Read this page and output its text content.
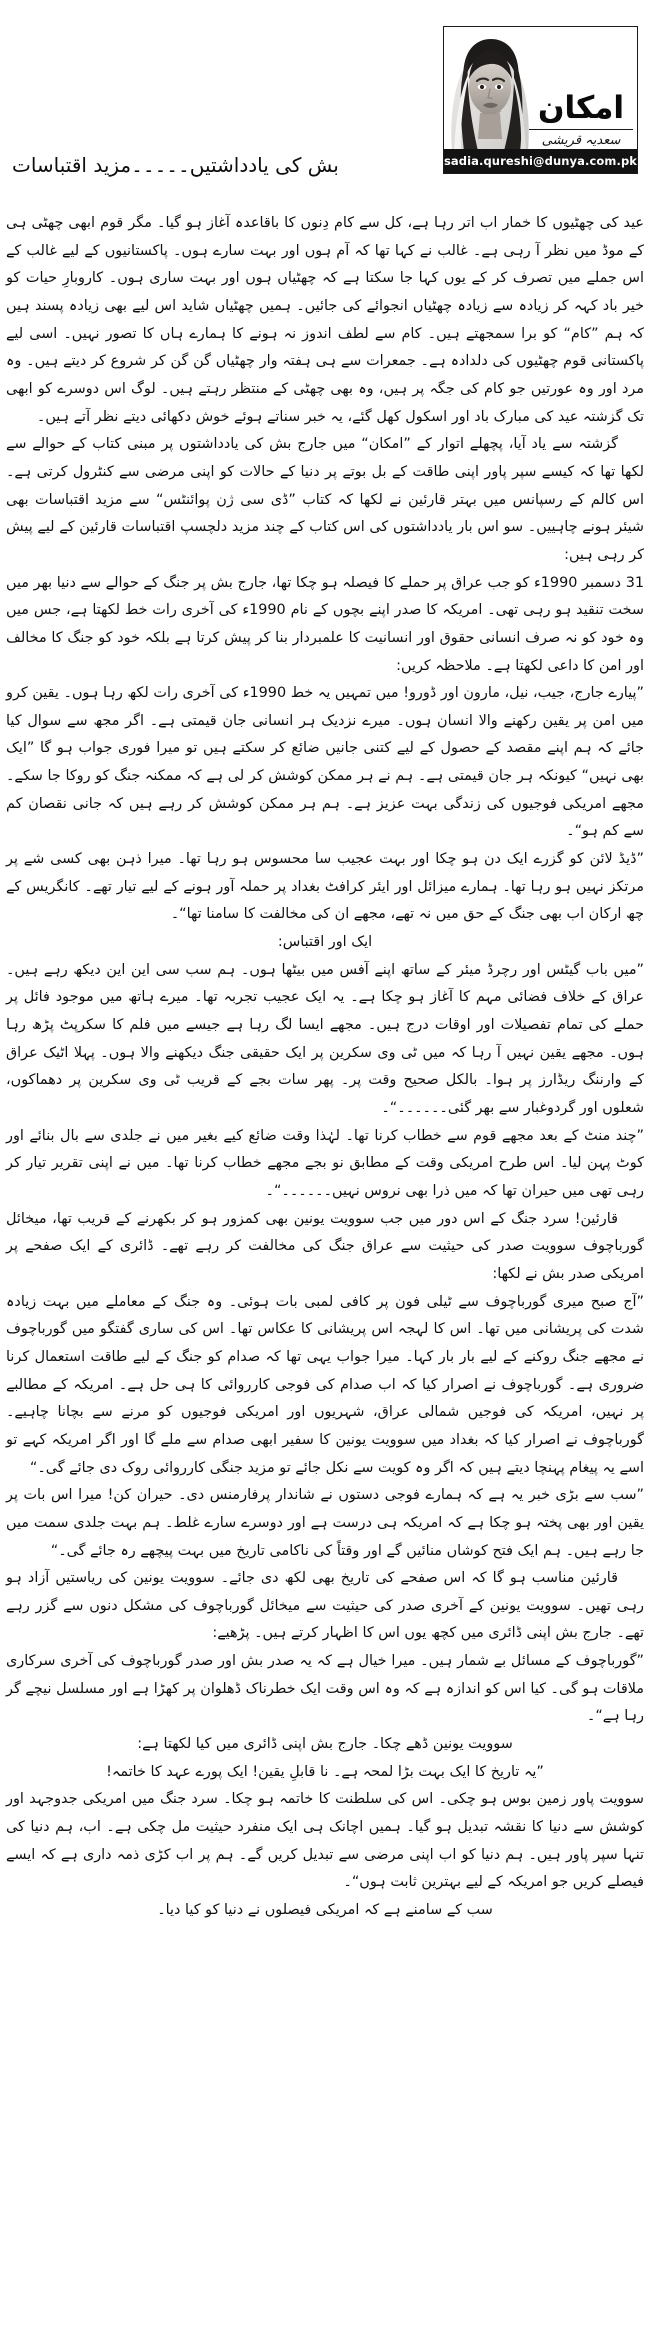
امکان
سعدیہ قریشی
sadia.qureshi@dunya.com.pk
بش کی یادداشتیں۔۔۔۔۔مزید اقتباسات

عید کی چھٹیوں کا خمار اب اتر رہا ہے، کل سے کام دِنوں کا باقاعدہ آغاز ہو گیا۔ مگر قوم ابھی چھٹی ہی کے موڈ میں نظر آ رہی ہے۔ غالب نے کہا تھا کہ آم ہوں اور بہت سارے ہوں۔ پاکستانیوں کے لیے غالب کے اس جملے میں تصرف کر کے یوں کہا جا سکتا ہے کہ چھٹیاں ہوں اور بہت ساری ہوں۔ کاروبارِ حیات کو خیر باد کہہ کر زیادہ سے زیادہ چھٹیاں انجوائے کی جائیں۔ ہمیں چھٹیاں شاید اس لیے بھی زیادہ پسند ہیں کہ ہم ”کام“ کو برا سمجھتے ہیں۔ کام سے لطف اندوز نہ ہونے کا ہمارے ہاں کا تصور نہیں۔ اسی لیے پاکستانی قوم چھٹیوں کی دلدادہ ہے۔ جمعرات سے ہی ہفتہ وار چھٹیاں گن گن کر شروع کر دیتے ہیں۔ وہ مرد اور وہ عورتیں جو کام کی جگہ پر ہیں، وہ بھی چھٹی کے منتظر رہتے ہیں۔ لوگ اس دوسرے کو ابھی تک گزشتہ عید کی مبارک باد اور اسکول کھل گئے، یہ خبر سناتے ہوئے خوش دکھائی دیتے نظر آتے ہیں۔

گزشتہ سے یاد آیا، پچھلے اتوار کے ”امکان“ میں جارج بش کی یادداشتوں پر مبنی کتاب کے حوالے سے لکھا تھا کہ کیسے سپر پاور اپنی طاقت کے بل بوتے پر دنیا کے حالات کو اپنی مرضی سے کنٹرول کرتی ہے۔ اس کالم کے رسپانس میں بہتر قارئین نے لکھا کہ کتاب ”ڈی سی ژن پوائنٹس“ سے مزید اقتباسات بھی شیئر ہونے چاہییں۔ سو اس بار یادداشتوں کی اس کتاب کے چند مزید دلچسپ اقتباسات قارئین کے لیے پیش کر رہی ہیں:

31 دسمبر 1990ء کو جب عراق پر حملے کا فیصلہ ہو چکا تھا، جارج بش پر جنگ کے حوالے سے دنیا بھر میں سخت تنقید ہو رہی تھی۔ امریکہ کا صدر اپنے بچوں کے نام 1990ء کی آخری رات خط لکھتا ہے، جس میں وہ خود کو نہ صرف انسانی حقوق اور انسانیت کا علمبردار بنا کر پیش کرتا ہے بلکہ خود کو جنگ کا مخالف اور امن کا داعی لکھتا ہے۔ ملاحظہ کریں:

”پیارے جارج، جیب، نیل، مارون اور ڈورو! میں تمہیں یہ خط 1990ء کی آخری رات لکھ رہا ہوں۔ یقین کرو میں امن پر یقین رکھنے والا انسان ہوں۔ میرے نزدیک ہر انسانی جان قیمتی ہے۔ اگر مجھ سے سوال کیا جائے کہ ہم اپنے مقصد کے حصول کے لیے کتنی جانیں ضائع کر سکتے ہیں تو میرا فوری جواب ہو گا ”ایک بھی نہیں“ کیونکہ ہر جان قیمتی ہے۔ ہم نے ہر ممکن کوشش کر لی ہے کہ ممکنہ جنگ کو روکا جا سکے۔ مجھے امریکی فوجیوں کی زندگی بہت عزیز ہے۔ ہم ہر ممکن کوشش کر رہے ہیں کہ جانی نقصان کم سے کم ہو“۔

”ڈیڈ لائن کو گزرے ایک دن ہو چکا اور بہت عجیب سا محسوس ہو رہا تھا۔ میرا ذہن بھی کسی شے پر مرتکز نہیں ہو رہا تھا۔ ہمارے میزائل اور ایئر کرافٹ بغداد پر حملہ آور ہونے کے لیے تیار تھے۔ کانگریس کے چھ ارکان اب بھی جنگ کے حق میں نہ تھے، مجھے ان کی مخالفت کا سامنا تھا“۔

ایک اور اقتباس:

”میں باب گیٹس اور رچرڈ میئر کے ساتھ اپنے آفس میں بیٹھا ہوں۔ ہم سب سی این این دیکھ رہے ہیں۔ عراق کے خلاف فضائی مہم کا آغاز ہو چکا ہے۔ یہ ایک عجیب تجربہ تھا۔ میرے ہاتھ میں موجود فائل پر حملے کی تمام تفصیلات اور اوقات درج ہیں۔ مجھے ایسا لگ رہا ہے جیسے میں فلم کا سکرپٹ پڑھ رہا ہوں۔ مجھے یقین نہیں آ رہا کہ میں ٹی وی سکرین پر ایک حقیقی جنگ دیکھنے والا ہوں۔ پہلا اٹیک عراق کے وارننگ ریڈارز پر ہوا۔ بالکل صحیح وقت پر۔ پھر سات بجے کے قریب ٹی وی سکرین پر دھماکوں، شعلوں اور گردوغبار سے بھر گئی۔۔۔۔۔۔“۔

”چند منٹ کے بعد مجھے قوم سے خطاب کرنا تھا۔ لہٰذا وقت ضائع کیے بغیر میں نے جلدی سے بال بنائے اور کوٹ پہن لیا۔ اس طرح امریکی وقت کے مطابق نو بجے مجھے خطاب کرنا تھا۔ میں نے اپنی تقریر تیار کر رہی تھی میں حیران تھا کہ میں ذرا بھی نروس نہیں۔۔۔۔۔۔“۔

قارئین! سرد جنگ کے اس دور میں جب سوویت یونین بھی کمزور ہو کر بکھرنے کے قریب تھا، میخائل گورباچوف سوویت صدر کی حیثیت سے عراق جنگ کی مخالفت کر رہے تھے۔ ڈائری کے ایک صفحے پر امریکی صدر بش نے لکھا:

”آج صبح میری گورباچوف سے ٹیلی فون پر کافی لمبی بات ہوئی۔ وہ جنگ کے معاملے میں بہت زیادہ شدت کی پریشانی میں تھا۔ اس کا لہجہ اس پریشانی کا عکاس تھا۔ اس کی ساری گفتگو میں گورباچوف نے مجھے جنگ روکنے کے لیے بار بار کہا۔ میرا جواب یہی تھا کہ صدام کو جنگ کے لیے طاقت استعمال کرنا ضروری ہے۔ گورباچوف نے اصرار کیا کہ اب صدام کی فوجی کارروائی کا ہی حل ہے۔ امریکہ کے مطالبے پر نہیں، امریکہ کی فوجیں شمالی عراق، شہریوں اور امریکی فوجیوں کو مرنے سے بچانا چاہیے۔ گورباچوف نے اصرار کیا کہ بغداد میں سوویت یونین کا سفیر ابھی صدام سے ملے گا اور اگر امریکہ کہے تو اسے یہ پیغام پہنچا دیتے ہیں کہ اگر وہ کویت سے نکل جائے تو مزید جنگی کارروائی روک دی جائے گی۔“

”سب سے بڑی خبر یہ ہے کہ ہمارے فوجی دستوں نے شاندار پرفارمنس دی۔ حیران کن! میرا اس بات پر یقین اور بھی پختہ ہو چکا ہے کہ امریکہ ہی درست ہے اور دوسرے سارے غلط۔ ہم بہت جلدی سمت میں جا رہے ہیں۔ ہم ایک فتح کوشاں منائیں گے اور وقتاً کی ناکامی تاریخ میں بہت پیچھے رہ جائے گی۔“

قارئین مناسب ہو گا کہ اس صفحے کی تاریخ بھی لکھ دی جائے۔ سوویت یونین کی ریاستیں آزاد ہو رہی تھیں۔ سوویت یونین کے آخری صدر کی حیثیت سے میخائل گورباچوف کی مشکل دنوں سے گزر رہے تھے۔ جارج بش اپنی ڈائری میں کچھ یوں اس کا اظہار کرتے ہیں۔ پڑھیے:

”گورباچوف کے مسائل بے شمار ہیں۔ میرا خیال ہے کہ یہ صدر بش اور صدر گورباچوف کی آخری سرکاری ملاقات ہو گی۔ کیا اس کو اندازہ ہے کہ وہ اس وقت ایک خطرناک ڈھلوان پر کھڑا ہے اور مسلسل نیچے گر رہا ہے“۔

سوویت یونین ڈھے چکا۔ جارج بش اپنی ڈائری میں کیا لکھتا ہے:

”یہ تاریخ کا ایک بہت بڑا لمحہ ہے۔ نا قابلِ یقین! ایک پورے عہد کا خاتمہ!

سوویت پاور زمین بوس ہو چکی۔ اس کی سلطنت کا خاتمہ ہو چکا۔ سرد جنگ میں امریکی جدوجہد اور کوشش سے دنیا کا نقشہ تبدیل ہو گیا۔ ہمیں اچانک ہی ایک منفرد حیثیت مل چکی ہے۔ اب، ہم دنیا کی تنہا سپر پاور ہیں۔ ہم دنیا کو اب اپنی مرضی سے تبدیل کریں گے۔ ہم پر اب کڑی ذمہ داری ہے کہ ایسے فیصلے کریں جو امریکہ کے لیے بہترین ثابت ہوں“۔

سب کے سامنے ہے کہ امریکی فیصلوں نے دنیا کو کیا دیا۔
